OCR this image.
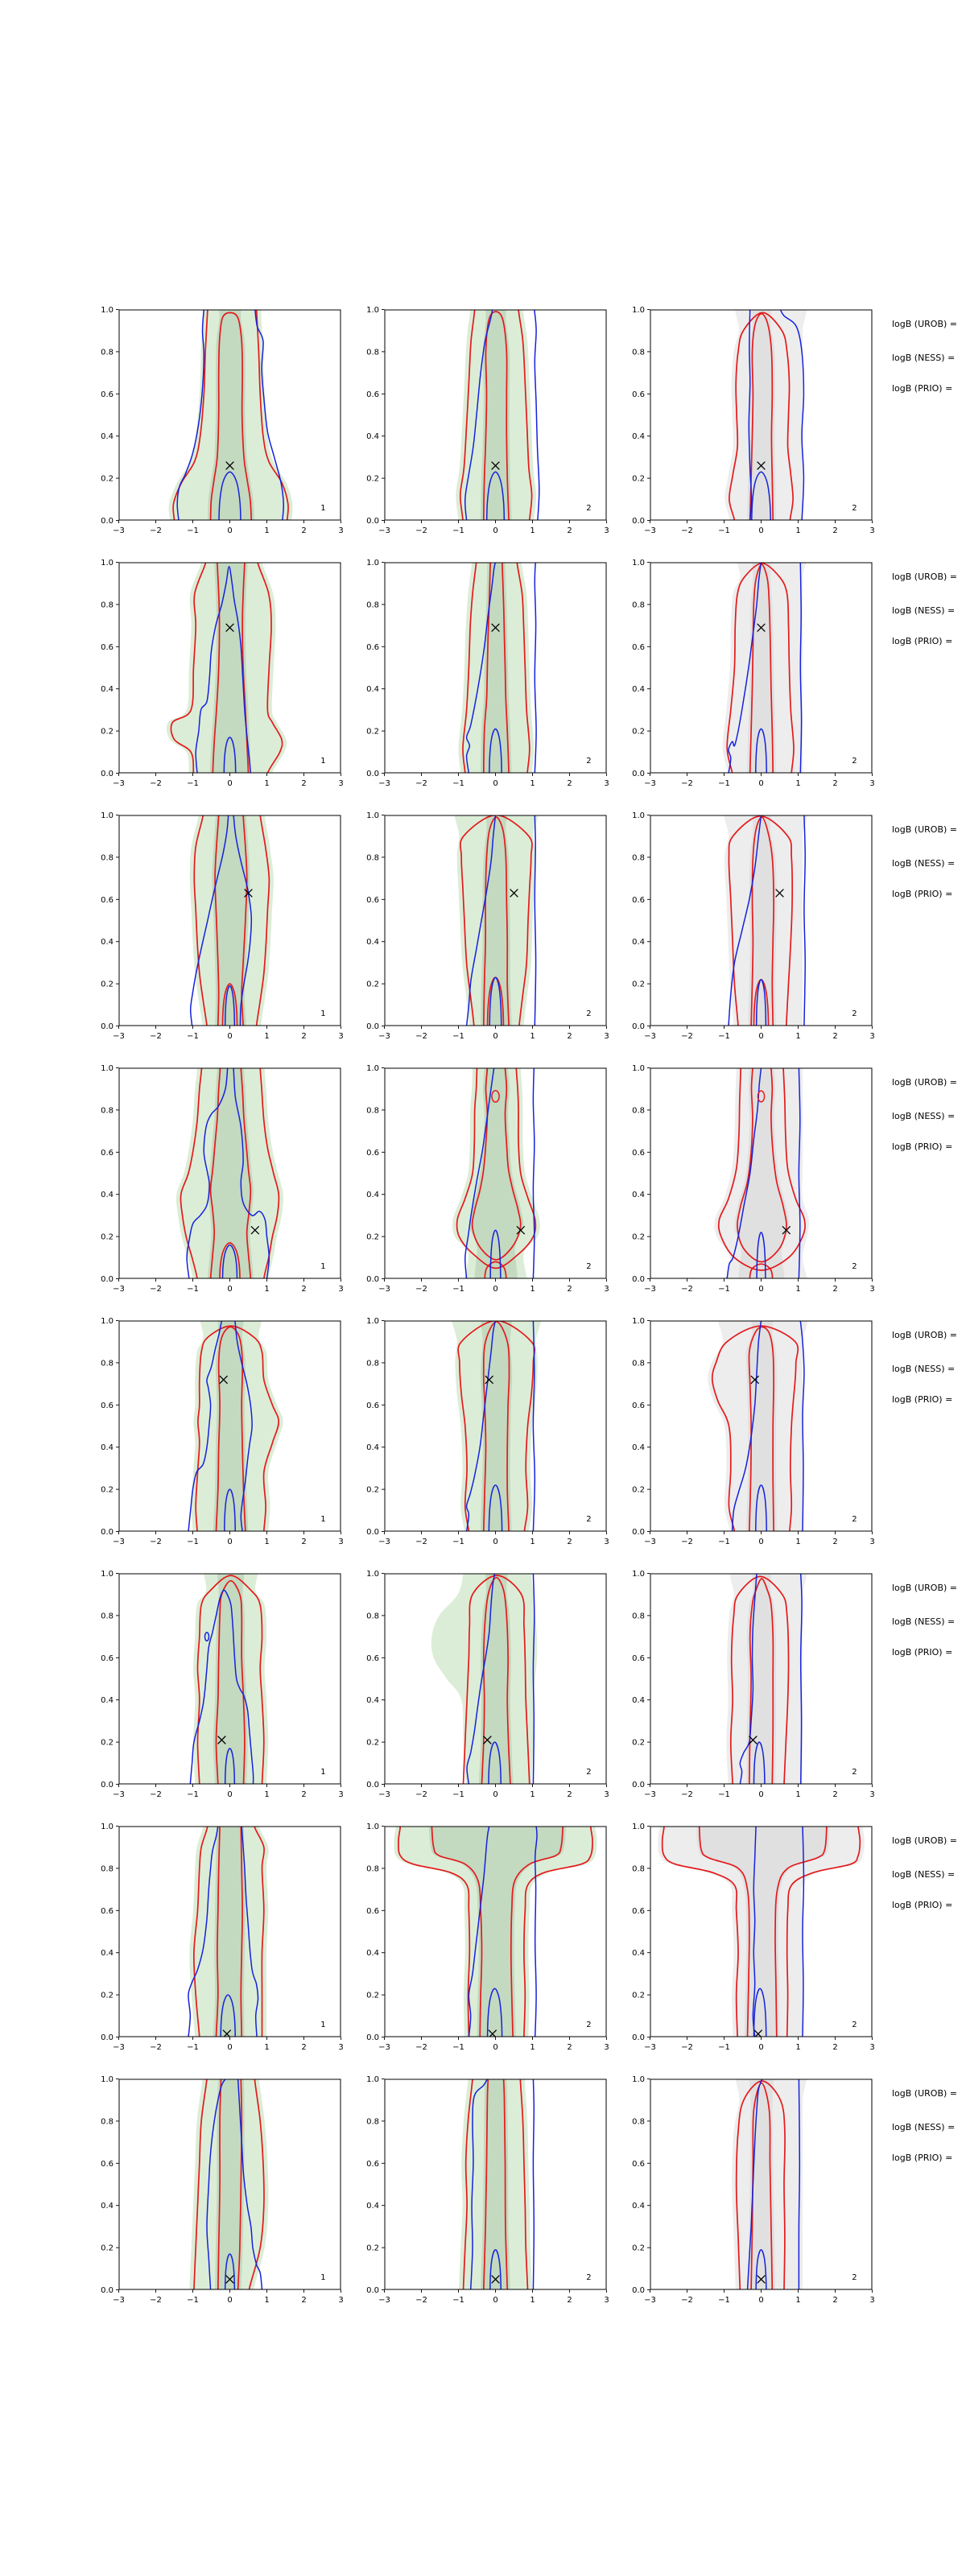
−3	−2	−1	0	1	2	3
0.0
0.2
0.4
0.6
0.8
1.0
1
−3	−2	−1	0	1	2	3
0.0
0.2
0.4
0.6
0.8
1.0
2
−3	−2	−1	0	1	2	3
0.0
0.2
0.4
0.6
0.8
1.0
2
logB (UROB) =
logB (NESS) =
logB (PRIO) =
−3	−2	−1	0	1	2	3
0.0
0.2
0.4
0.6
0.8
1.0
1
−3	−2	−1	0	1	2	3
0.0
0.2
0.4
0.6
0.8
1.0
2
−3	−2	−1	0	1	2	3
0.0
0.2
0.4
0.6
0.8
1.0
2
logB (UROB) =
logB (NESS) =
logB (PRIO) =
−3	−2	−1	0	1	2	3
0.0
0.2
0.4
0.6
0.8
1.0
1
−3	−2	−1	0	1	2	3
0.0
0.2
0.4
0.6
0.8
1.0
2
−3	−2	−1	0	1	2	3
0.0
0.2
0.4
0.6
0.8
1.0
2
logB (UROB) =
logB (NESS) =
logB (PRIO) =
−3	−2	−1	0	1	2	3
0.0
0.2
0.4
0.6
0.8
1.0
1
−3	−2	−1	0	1	2	3
0.0
0.2
0.4
0.6
0.8
1.0
2
−3	−2	−1	0	1	2	3
0.0
0.2
0.4
0.6
0.8
1.0
2
logB (UROB) =
logB (NESS) =
logB (PRIO) =
−3	−2	−1	0	1	2	3
0.0
0.2
0.4
0.6
0.8
1.0
1
−3	−2	−1	0	1	2	3
0.0
0.2
0.4
0.6
0.8
1.0
2
−3	−2	−1	0	1	2	3
0.0
0.2
0.4
0.6
0.8
1.0
2
logB (UROB) =
logB (NESS) =
logB (PRIO) =
−3	−2	−1	0	1	2	3
0.0
0.2
0.4
0.6
0.8
1.0
1
−3	−2	−1	0	1	2	3
0.0
0.2
0.4
0.6
0.8
1.0
2
−3	−2	−1	0	1	2	3
0.0
0.2
0.4
0.6
0.8
1.0
2
logB (UROB) =
logB (NESS) =
logB (PRIO) =
−3	−2	−1	0	1	2	3
0.0
0.2
0.4
0.6
0.8
1.0
1
−3	−2	−1	0	1	2	3
0.0
0.2
0.4
0.6
0.8
1.0
2
−3	−2	−1	0	1	2	3
0.0
0.2
0.4
0.6
0.8
1.0
2
logB (UROB) =
logB (NESS) =
logB (PRIO) =
−3	−2	−1	0	1	2	3
0.0
0.2
0.4
0.6
0.8
1.0
1
−3	−2	−1	0	1	2	3
0.0
0.2
0.4
0.6
0.8
1.0
2
−3	−2	−1	0	1	2	3
0.0
0.2
0.4
0.6
0.8
1.0
2
logB (UROB) =
logB (NESS) =
logB (PRIO) =
